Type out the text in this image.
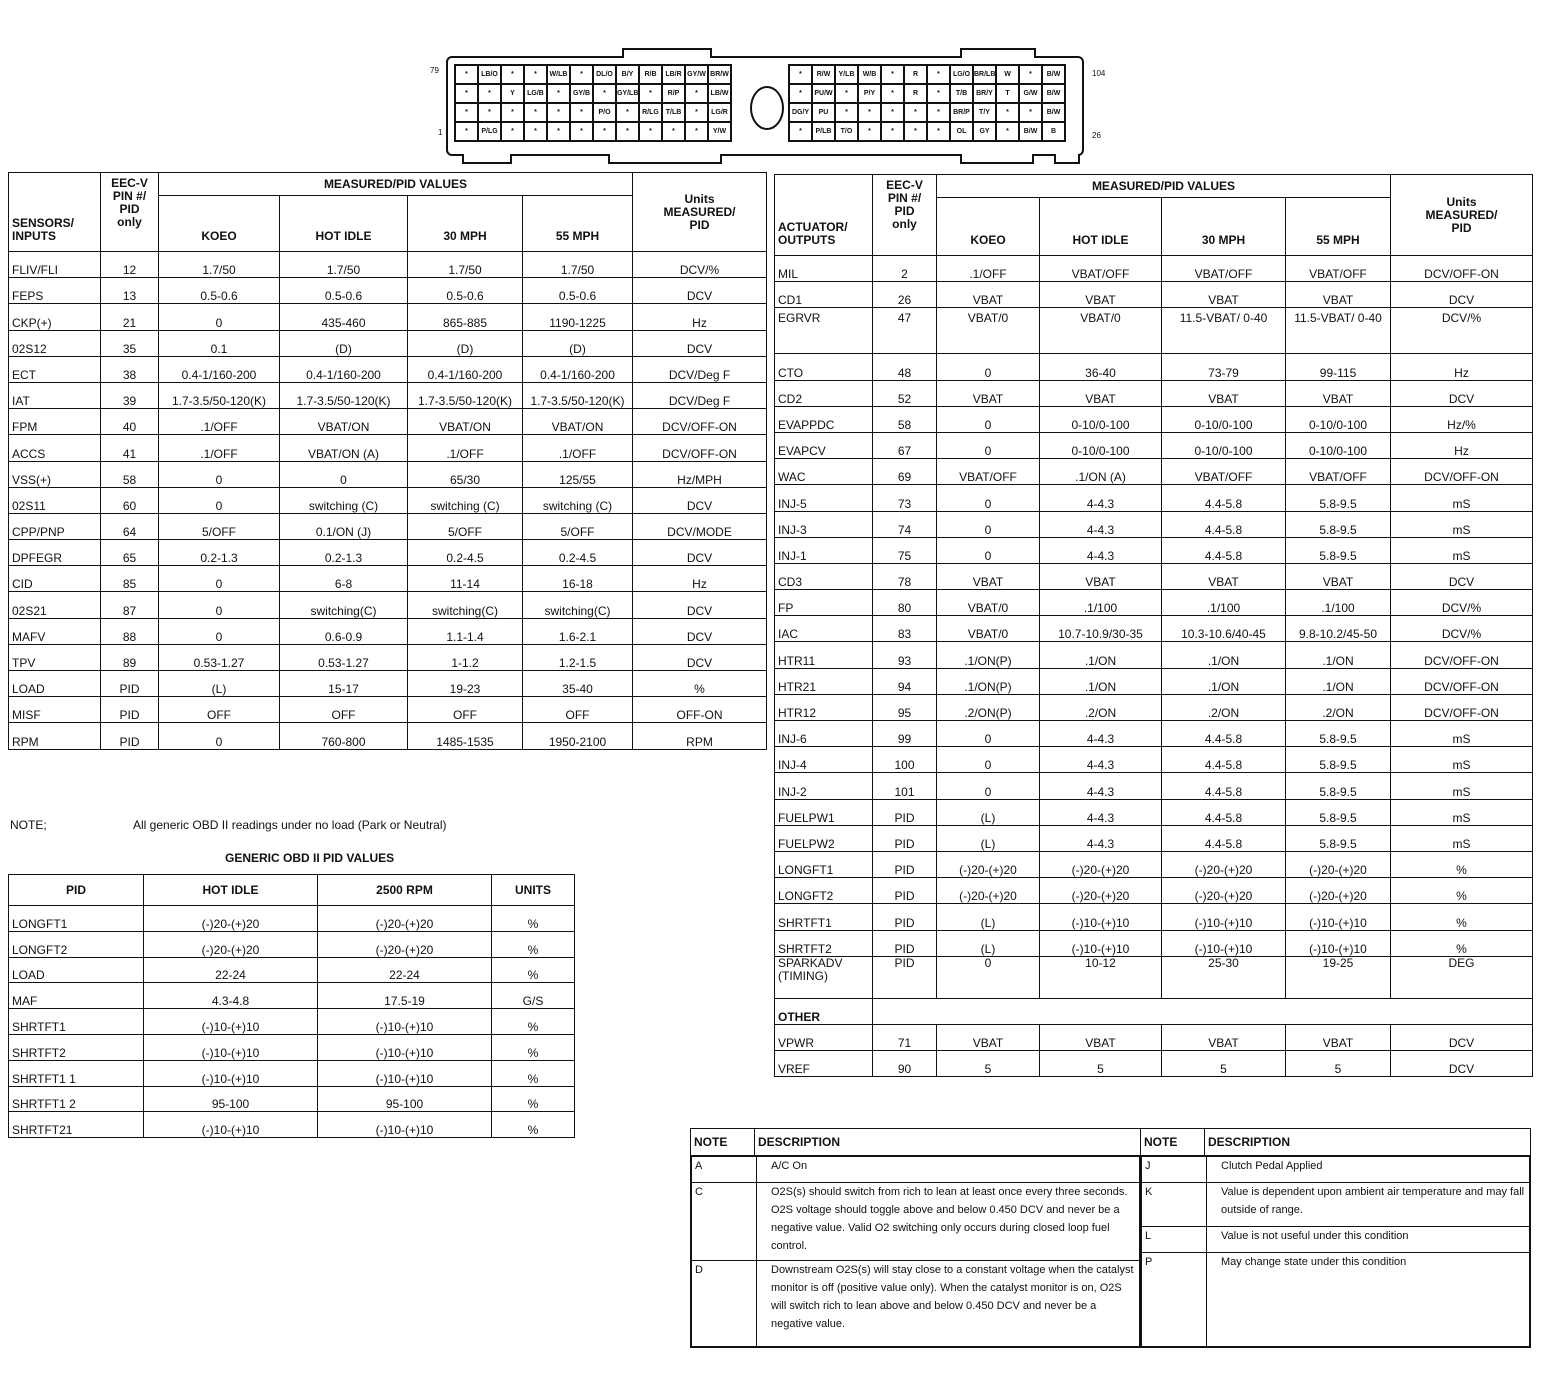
79
1
104
26
*	LB/O	*	*	W/LB	*	DL/O	B/Y	R/B	LB/R GY/W BR/W
*	*	Y	LG/B	*	GY/B	*	GY/LB	*	R/P	*	LB/W
*	*	*	*	*	*	P/O	*	R/LG T/LB	*	LG/R
*	P/LG	*	*	*	*	*	*	*	*	*	Y/W
*	R/W	Y/LB	W/B	*	R	*	LG/O BR/LB	W	*	B/W
*	PU/W	*	P/Y	*	R	*	T/B	BR/Y	T	G/W	B/W
DG/Y	PU	*	*	*	*	*	BR/P	T/Y	*	*	B/W
*	P/LB	T/O	*	*	*	*	OL	GY	*	B/W	B
SENSORS/
INPUTS	EEC-V
PIN #/
PID
only	MEASURED/PID VALUES				Units
MEASURED/
PID
		KOEO	HOT IDLE	30 MPH	55 MPH	
FLIV/FLI	12	1.7/50	1.7/50	1.7/50	1.7/50	DCV/%
FEPS	13	0.5-0.6	0.5-0.6	0.5-0.6	0.5-0.6	DCV
CKP(+)	21	0	435-460	865-885	1190-1225	Hz
02S12	35	0.1	(D)	(D)	(D)	DCV
ECT	38	0.4-1/160-200	0.4-1/160-200	0.4-1/160-200	0.4-1/160-200	DCV/Deg F
IAT	39	1.7-3.5/50-120(K)	1.7-3.5/50-120(K)	1.7-3.5/50-120(K)	1.7-3.5/50-120(K)	DCV/Deg F
FPM	40	.1/OFF	VBAT/ON	VBAT/ON	VBAT/ON	DCV/OFF-ON
ACCS	41	.1/OFF	VBAT/ON (A)	.1/OFF	.1/OFF	DCV/OFF-ON
VSS(+)	58	0	0	65/30	125/55	Hz/MPH
02S11	60	0	switching (C)	switching (C)	switching (C)	DCV
CPP/PNP	64	5/OFF	0.1/ON (J)	5/OFF	5/OFF	DCV/MODE
DPFEGR	65	0.2-1.3	0.2-1.3	0.2-4.5	0.2-4.5	DCV
CID	85	0	6-8	11-14	16-18	Hz
02S21	87	0	switching(C)	switching(C)	switching(C)	DCV
MAFV	88	0	0.6-0.9	1.1-1.4	1.6-2.1	DCV
TPV	89	0.53-1.27	0.53-1.27	1-1.2	1.2-1.5	DCV
LOAD	PID	(L)	15-17	19-23	35-40	%
MISF	PID	OFF	OFF	OFF	OFF	OFF-ON
RPM	PID	0	760-800	1485-1535	1950-2100	RPM
NOTE;	All generic OBD II readings under no load (Park or Neutral)
GENERIC OBD II PID VALUES
PID	HOT IDLE	2500 RPM	UNITS
LONGFT1	(-)20-(+)20	(-)20-(+)20	%
LONGFT2	(-)20-(+)20	(-)20-(+)20	%
LOAD	22-24	22-24	%
MAF	4.3-4.8	17.5-19	G/S
SHRTFT1	(-)10-(+)10	(-)10-(+)10	%
SHRTFT2	(-)10-(+)10	(-)10-(+)10	%
SHRTFT1 1	(-)10-(+)10	(-)10-(+)10	%
SHRTFT1 2	95-100	95-100	%
SHRTFT21	(-)10-(+)10	(-)10-(+)10	%
ACTUATOR/
OUTPUTS	EEC-V
PIN #/
PID
only	MEASURED/PID VALUES				Units
MEASURED/
PID
		KOEO	HOT IDLE	30 MPH	55 MPH	
MIL	2	.1/OFF	VBAT/OFF	VBAT/OFF	VBAT/OFF	DCV/OFF-ON
CD1	26	VBAT	VBAT	VBAT	VBAT	DCV
EGRVR	47	VBAT/0	VBAT/0	11.5-VBAT/ 0-40	11.5-VBAT/ 0-40	DCV/%
CTO	48	0	36-40	73-79	99-115	Hz
CD2	52	VBAT	VBAT	VBAT	VBAT	DCV
EVAPPDC	58	0	0-10/0-100	0-10/0-100	0-10/0-100	Hz/%
EVAPCV	67	0	0-10/0-100	0-10/0-100	0-10/0-100	Hz
WAC	69	VBAT/OFF	.1/ON (A)	VBAT/OFF	VBAT/OFF	DCV/OFF-ON
INJ-5	73	0	4-4.3	4.4-5.8	5.8-9.5	mS
INJ-3	74	0	4-4.3	4.4-5.8	5.8-9.5	mS
INJ-1	75	0	4-4.3	4.4-5.8	5.8-9.5	mS
CD3	78	VBAT	VBAT	VBAT	VBAT	DCV
FP	80	VBAT/0	.1/100	.1/100	.1/100	DCV/%
IAC	83	VBAT/0	10.7-10.9/30-35	10.3-10.6/40-45	9.8-10.2/45-50	DCV/%
HTR11	93	.1/ON(P)	.1/ON	.1/ON	.1/ON	DCV/OFF-ON
HTR21	94	.1/ON(P)	.1/ON	.1/ON	.1/ON	DCV/OFF-ON
HTR12	95	.2/ON(P)	.2/ON	.2/ON	.2/ON	DCV/OFF-ON
INJ-6	99	0	4-4.3	4.4-5.8	5.8-9.5	mS
INJ-4	100	0	4-4.3	4.4-5.8	5.8-9.5	mS
INJ-2	101	0	4-4.3	4.4-5.8	5.8-9.5	mS
FUELPW1	PID	(L)	4-4.3	4.4-5.8	5.8-9.5	mS
FUELPW2	PID	(L)	4-4.3	4.4-5.8	5.8-9.5	mS
LONGFT1	PID	(-)20-(+)20	(-)20-(+)20	(-)20-(+)20	(-)20-(+)20	%
LONGFT2	PID	(-)20-(+)20	(-)20-(+)20	(-)20-(+)20	(-)20-(+)20	%
SHRTFT1	PID	(L)	(-)10-(+)10	(-)10-(+)10	(-)10-(+)10	%
SHRTFT2	PID	(L)	(-)10-(+)10	(-)10-(+)10	(-)10-(+)10	%
SPARKADV
(TIMING)	PID	0	10-12	25-30	19-25	DEG
OTHER						
VPWR	71	VBAT	VBAT	VBAT	VBAT	DCV
VREF	90	5	5	5	5	DCV
NOTE	DESCRIPTION	NOTE	DESCRIPTION

A	A/C On
C	O2S(s) should switch from rich to lean at least once every three seconds. O2S voltage should toggle above and below 0.450 DCV and never be a negative value. Valid O2 switching only occurs during closed loop fuel control.
D	Downstream O2S(s) will stay close to a constant voltage when the catalyst monitor is off (positive value only). When the catalyst monitor is on, O2S will switch rich to lean above and below 0.450 DCV and never be a negative value.

J	Clutch Pedal Applied
K	Value is dependent upon ambient air temperature and may fall outside of range.
L	Value is not useful under this condition
P	May change state under this condition
